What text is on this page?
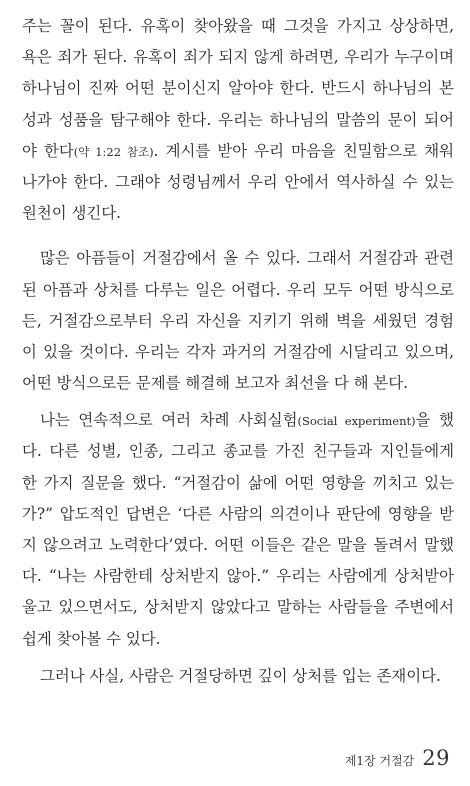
주는 꼴이 된다. 유혹이 찾아왔을 때 그것을 가지고 상상하면,
욕은 죄가 된다. 유혹이 죄가 되지 않게 하려면, 우리가 누구이며
하나님이 진짜 어떤 분이신지 알아야 한다. 반드시 하나님의 본
성과 성품을 탐구해야 한다. 우리는 하나님의 말씀의 문이 되어
야 한다(약 1:22 참조). 계시를 받아 우리 마음을 친밀함으로 채워
나가야 한다. 그래야 성령님께서 우리 안에서 역사하실 수 있는
원천이 생긴다.
많은 아픔들이 거절감에서 올 수 있다. 그래서 거절감과 관련
된 아픔과 상처를 다루는 일은 어렵다. 우리 모두 어떤 방식으로
든, 거절감으로부터 우리 자신을 지키기 위해 벽을 세웠던 경험
이 있을 것이다. 우리는 각자 과거의 거절감에 시달리고 있으며,
어떤 방식으로든 문제를 해결해 보고자 최선을 다 해 본다.
나는 연속적으로 여러 차례 사회실험(Social experiment)을 했
다. 다른 성별, 인종, 그리고 종교를 가진 친구들과 지인들에게
한 가지 질문을 했다. “거절감이 삶에 어떤 영향을 끼치고 있는
가?” 압도적인 답변은 ‘다른 사람의 의견이나 판단에 영향을 받
지 않으려고 노력한다’였다. 어떤 이들은 같은 말을 돌려서 말했
다. “나는 사람한테 상처받지 않아.” 우리는 사람에게 상처받아
울고 있으면서도, 상처받지 않았다고 말하는 사람들을 주변에서
쉽게 찾아볼 수 있다.
그러나 사실, 사람은 거절당하면 깊이 상처를 입는 존재이다.
제1장 거절감 29
